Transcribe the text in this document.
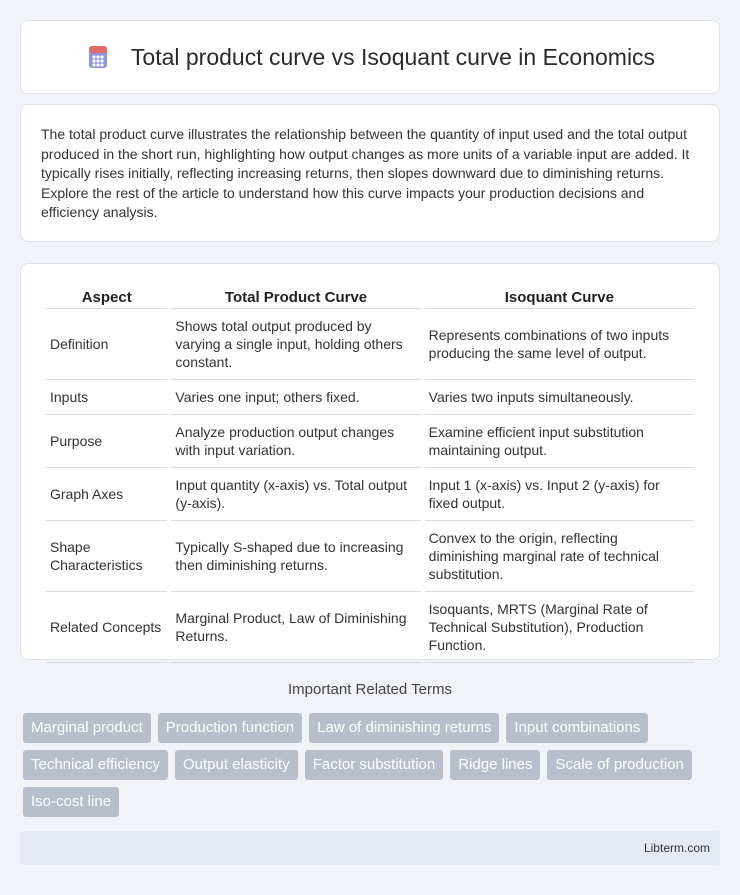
Total product curve vs Isoquant curve in Economics

The total product curve illustrates the relationship between the quantity of input used and the total output produced in the short run, highlighting how output changes as more units of a variable input are added. It typically rises initially, reflecting increasing returns, then slopes downward due to diminishing returns. Explore the rest of the article to understand how this curve impacts your production decisions and efficiency analysis.

Aspect	Total Product Curve	Isoquant Curve
Definition	Shows total output produced by varying a single input, holding others constant.	Represents combinations of two inputs producing the same level of output.
Inputs	Varies one input; others fixed.	Varies two inputs simultaneously.
Purpose	Analyze production output changes with input variation.	Examine efficient input substitution maintaining output.
Graph Axes	Input quantity (x-axis) vs. Total output (y-axis).	Input 1 (x-axis) vs. Input 2 (y-axis) for fixed output.
Shape Characteristics	Typically S-shaped due to increasing then diminishing returns.	Convex to the origin, reflecting diminishing marginal rate of technical substitution.
Related Concepts	Marginal Product, Law of Diminishing Returns.	Isoquants, MRTS (Marginal Rate of Technical Substitution), Production Function.
Important Related Terms
Marginal product	Production function	Law of diminishing returns	Input combinations
Technical efficiency	Output elasticity	Factor substitution	Ridge lines	Scale of production
Iso-cost line
Libterm.com
